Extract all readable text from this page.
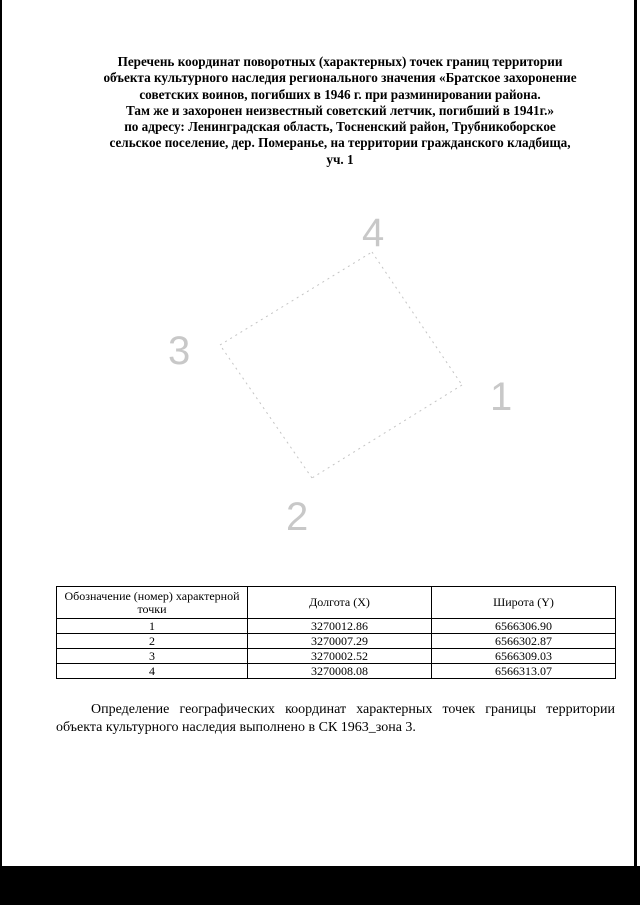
Перечень координат поворотных (характерных) точек границ территории
объекта культурного наследия регионального значения «Братское захоронение
советских воинов, погибших в 1946 г. при разминировании района.
Там же и захоронен неизвестный советский летчик, погибший в 1941г.»
по адресу: Ленинградская область, Тосненский район, Трубникоборское
сельское поселение, дер. Померанье, на территории гражданского кладбища,
уч. 1
1
2
3
4
Обозначение (номер) характерной точки	Долгота (X)	Широта (Y)
1	3270012.86	6566306.90
2	3270007.29	6566302.87
3	3270002.52	6566309.03
4	3270008.08	6566313.07
Определение географических координат характерных точек границы территории объекта культурного наследия выполнено в СК 1963_зона 3.
